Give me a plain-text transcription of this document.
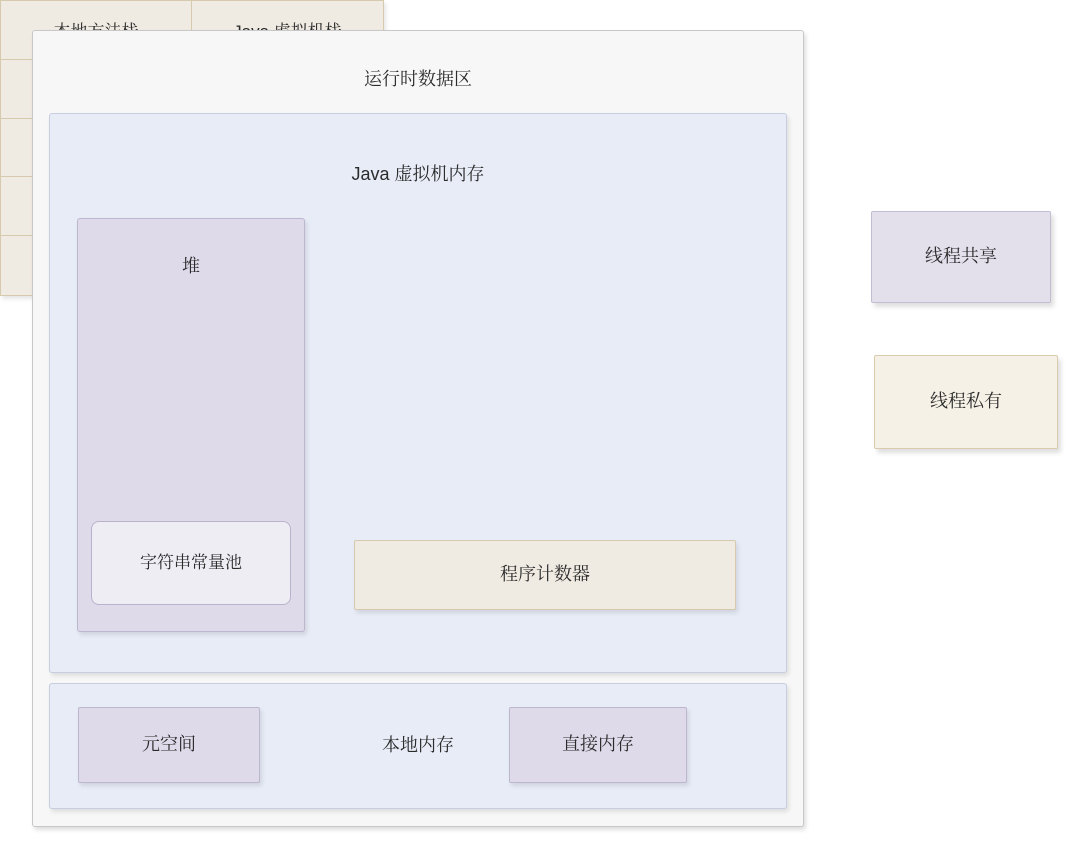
运行时数据区
Java 虚拟机内存
堆
字符串常量池
程序计数器
本地内存
元空间	直接内存
线程共享
线程私有
